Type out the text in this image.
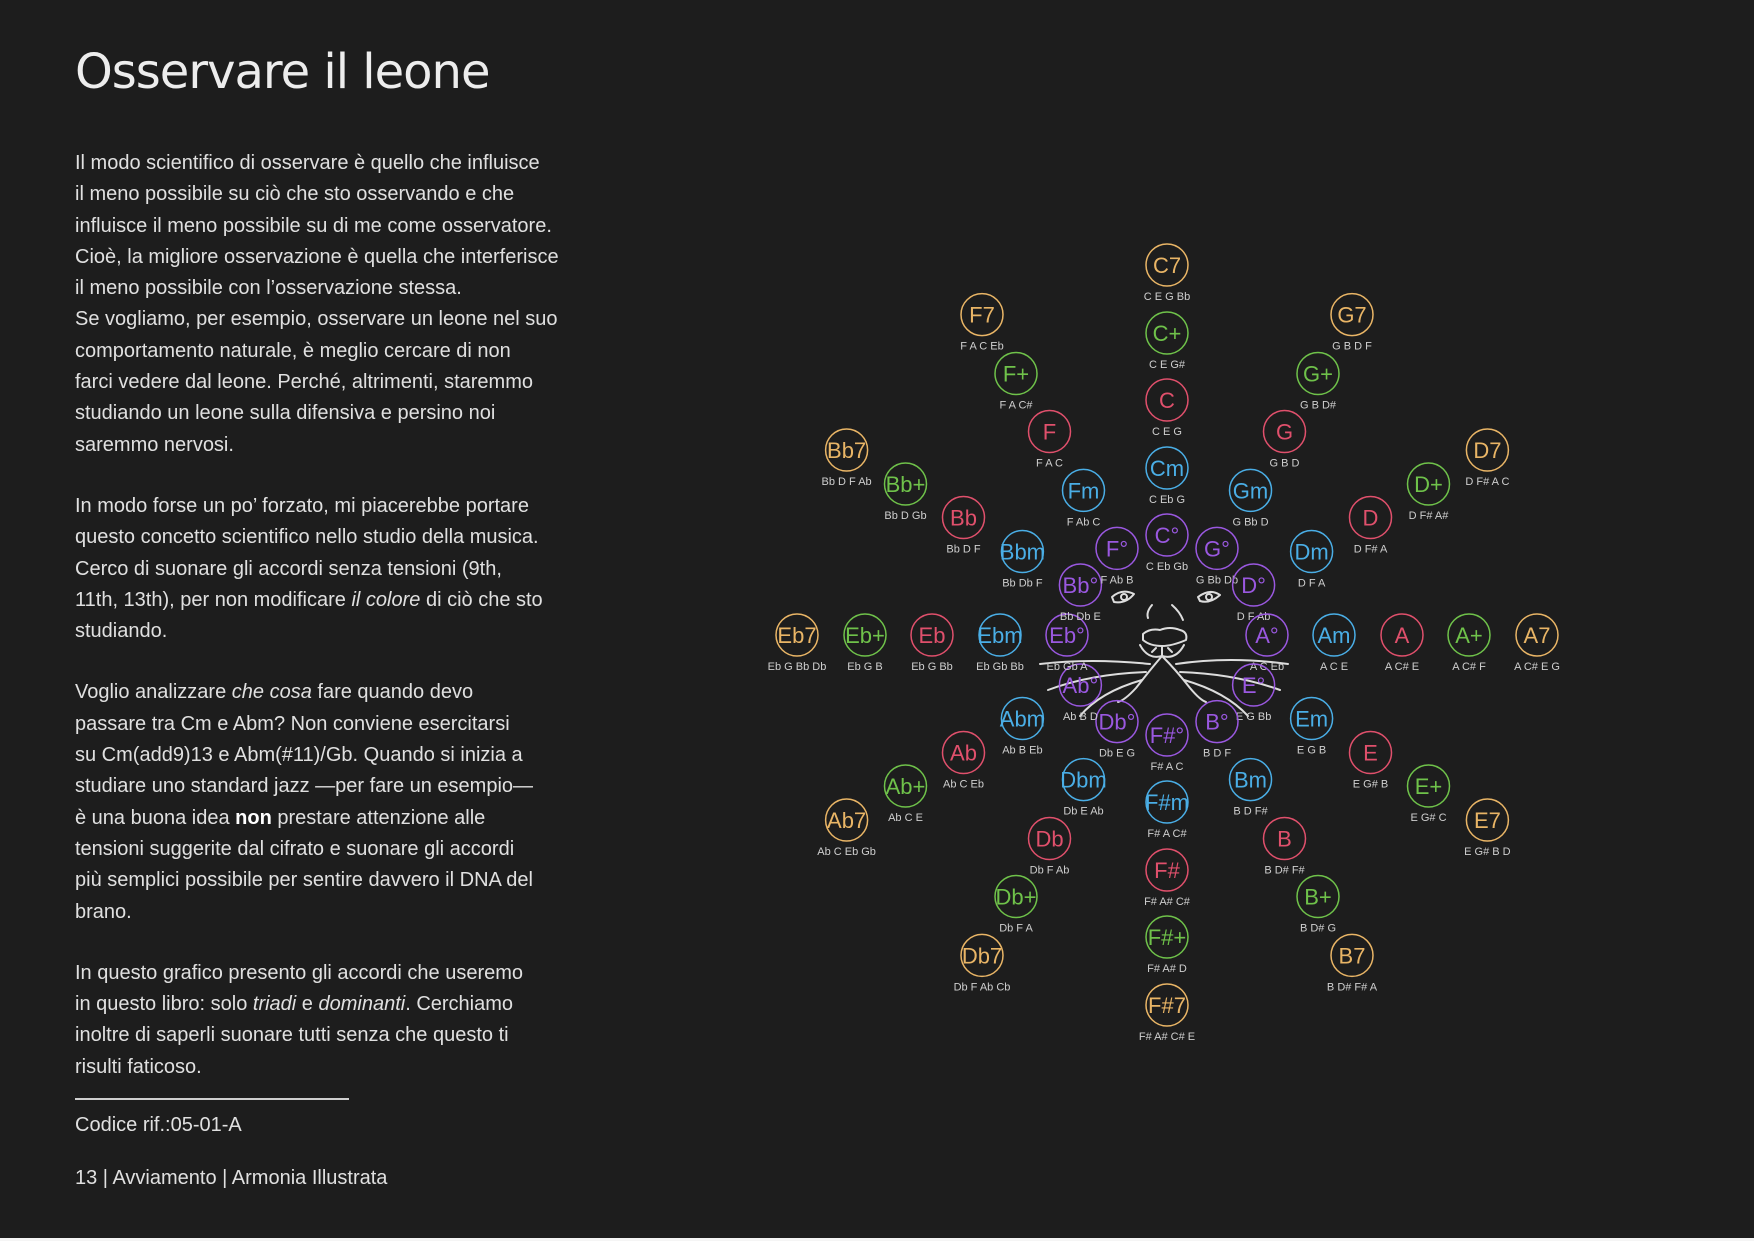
Osservare il leone

Il modo scientifico di osservare è quello che influisce
il meno possibile su ciò che sto osservando e che
influisce il meno possibile su di me come osservatore.
Cioè, la migliore osservazione è quella che interferisce
il meno possibile con l’osservazione stessa.
Se vogliamo, per esempio, osservare un leone nel suo
comportamento naturale, è meglio cercare di non
farci vedere dal leone. Perché, altrimenti, staremmo
studiando un leone sulla difensiva e persino noi
saremmo nervosi.

In modo forse un po’ forzato, mi piacerebbe portare
questo concetto scientifico nello studio della musica.
Cerco di suonare gli accordi senza tensioni (9th,
11th, 13th), per non modificare il colore di ciò che sto
studiando.

Voglio analizzare che cosa fare quando devo
passare tra Cm e Abm? Non conviene esercitarsi
su Cm(add9)13 e Abm(#11)/Gb. Quando si inizia a
studiare uno standard jazz —per fare un esempio—
è una buona idea non prestare attenzione alle
tensioni suggerite dal cifrato e suonare gli accordi
più semplici possibile per sentire davvero il DNA del
brano.

In questo grafico presento gli accordi che useremo
in questo libro: solo triadi e dominanti. Cerchiamo
inoltre di saperli suonare tutti senza che questo ti
risulti faticoso.

Codice rif.:05-01-A
13 | Avviamento | Armonia Illustrata
C7
C E G Bb
C+
C E G#
C
C E G
Cm
C Eb G
C°
C Eb Gb
G7
G B D F
G+
G B D#
G
G B D
Gm
G Bb D
G°
G Bb Db
D7
D F# A C
D+
D F# A#
D
D F# A
Dm
D F A
D°
D F Ab
A7
A C# E G
A+
A C# F
A
A C# E
Am
A C E
A°
A C Eb
E7
E G# B D
E+
E G# C
E
E G# B
Em
E G B
E°
E G Bb
B7
B D# F# A
B+
B D# G
B
B D# F#
Bm
B D F#
B°
B D F
F#7
F# A# C# E
F#+
F# A# D
F#
F# A# C#
F#m
F# A C#
F#°
F# A C
Db7
Db F Ab Cb
Db+
Db F A
Db
Db F Ab
Dbm
Db E Ab
Db°
Db E G
Ab7
Ab C Eb Gb
Ab+
Ab C E
Ab
Ab C Eb
Abm
Ab B Eb
Ab°
Ab B D
Eb7
Eb G Bb Db
Eb+
Eb G B
Eb
Eb G Bb
Ebm
Eb Gb Bb
Eb°
Eb Gb A
Bb7
Bb D F Ab Bb+
Bb D Gb Bb
Bb D F Bbm
Bb Db F Bb°
Bb Db E
F7
F A C Eb
F+
F A C#
F
F A C
Fm
F Ab C
F°
F Ab B
